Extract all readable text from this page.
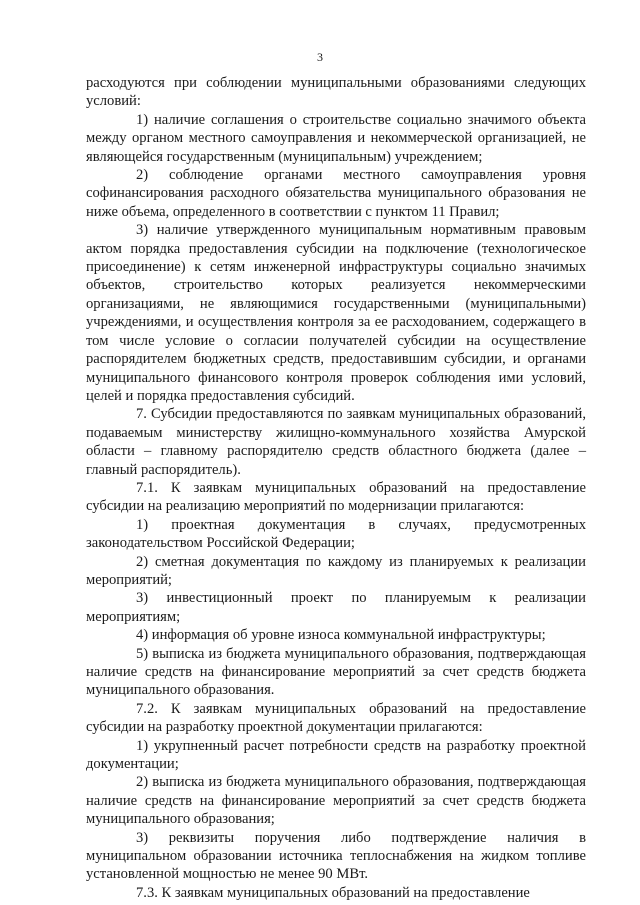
3

расходуются при соблюдении муниципальными образованиями следующих условий:

1) наличие соглашения о строительстве социально значимого объекта между органом местного самоуправления и некоммерческой организацией, не являющейся государственным (муниципальным) учреждением;

2) соблюдение органами местного самоуправления уровня софинансирования расходного обязательства муниципального образования не ниже объема, определенного в соответствии с пунктом 11 Правил;

3) наличие утвержденного муниципальным нормативным правовым актом порядка предоставления субсидии на подключение (технологическое присоединение) к сетям инженерной инфраструктуры социально значимых объектов, строительство которых реализуется некоммерческими организациями, не являющимися государственными (муниципальными) учреждениями, и осуществления контроля за ее расходованием, содержащего в том числе условие о согласии получателей субсидии на осуществление распорядителем бюджетных средств, предоставившим субсидии, и органами муниципального финансового контроля проверок соблюдения ими условий, целей и порядка предоставления субсидий.

7. Субсидии предоставляются по заявкам муниципальных образований, подаваемым министерству жилищно-коммунального хозяйства Амурской области – главному распорядителю средств областного бюджета (далее – главный распорядитель).

7.1. К заявкам муниципальных образований на предоставление субсидии на реализацию мероприятий по модернизации прилагаются:

1) проектная документация в случаях, предусмотренных законодательством Российской Федерации;

2) сметная документация по каждому из планируемых к реализации мероприятий;

3) инвестиционный проект по планируемым к реализации мероприятиям;

4) информация об уровне износа коммунальной инфраструктуры;

5) выписка из бюджета муниципального образования, подтверждающая наличие средств на финансирование мероприятий за счет средств бюджета муниципального образования.

7.2. К заявкам муниципальных образований на предоставление субсидии на разработку проектной документации прилагаются:

1) укрупненный расчет потребности средств на разработку проектной документации;

2) выписка из бюджета муниципального образования, подтверждающая наличие средств на финансирование мероприятий за счет средств бюджета муниципального образования;

3) реквизиты поручения либо подтверждение наличия в муниципальном образовании источника теплоснабжения на жидком топливе установленной мощностью не менее 90 МВт.

7.3. К заявкам муниципальных образований на предоставление
